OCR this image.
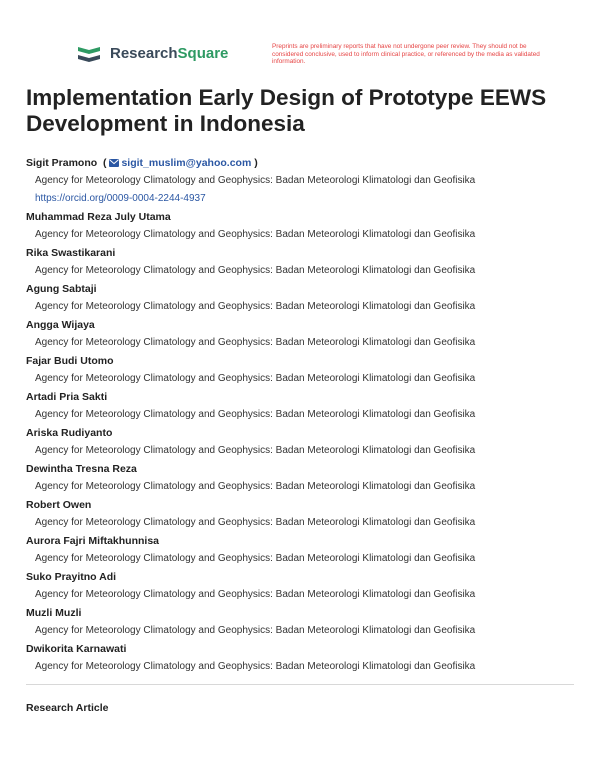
ResearchSquare	Preprints are preliminary reports that have not undergone peer review. They should not be considered conclusive, used to inform clinical practice, or referenced by the media as validated information.
Implementation Early Design of Prototype EEWS Development in Indonesia
Sigit Pramono  ( sigit_muslim@yahoo.com )
Agency for Meteorology Climatology and Geophysics: Badan Meteorologi Klimatologi dan Geofisika
https://orcid.org/0009-0004-2244-4937
Muhammad Reza July Utama
Agency for Meteorology Climatology and Geophysics: Badan Meteorologi Klimatologi dan Geofisika
Rika Swastikarani
Agency for Meteorology Climatology and Geophysics: Badan Meteorologi Klimatologi dan Geofisika
Agung Sabtaji
Agency for Meteorology Climatology and Geophysics: Badan Meteorologi Klimatologi dan Geofisika
Angga Wijaya
Agency for Meteorology Climatology and Geophysics: Badan Meteorologi Klimatologi dan Geofisika
Fajar Budi Utomo
Agency for Meteorology Climatology and Geophysics: Badan Meteorologi Klimatologi dan Geofisika
Artadi Pria Sakti
Agency for Meteorology Climatology and Geophysics: Badan Meteorologi Klimatologi dan Geofisika
Ariska Rudiyanto
Agency for Meteorology Climatology and Geophysics: Badan Meteorologi Klimatologi dan Geofisika
Dewintha Tresna Reza
Agency for Meteorology Climatology and Geophysics: Badan Meteorologi Klimatologi dan Geofisika
Robert Owen
Agency for Meteorology Climatology and Geophysics: Badan Meteorologi Klimatologi dan Geofisika
Aurora Fajri Miftakhunnisa
Agency for Meteorology Climatology and Geophysics: Badan Meteorologi Klimatologi dan Geofisika
Suko Prayitno Adi
Agency for Meteorology Climatology and Geophysics: Badan Meteorologi Klimatologi dan Geofisika
Muzli Muzli
Agency for Meteorology Climatology and Geophysics: Badan Meteorologi Klimatologi dan Geofisika
Dwikorita Karnawati
Agency for Meteorology Climatology and Geophysics: Badan Meteorologi Klimatologi dan Geofisika
Research Article
